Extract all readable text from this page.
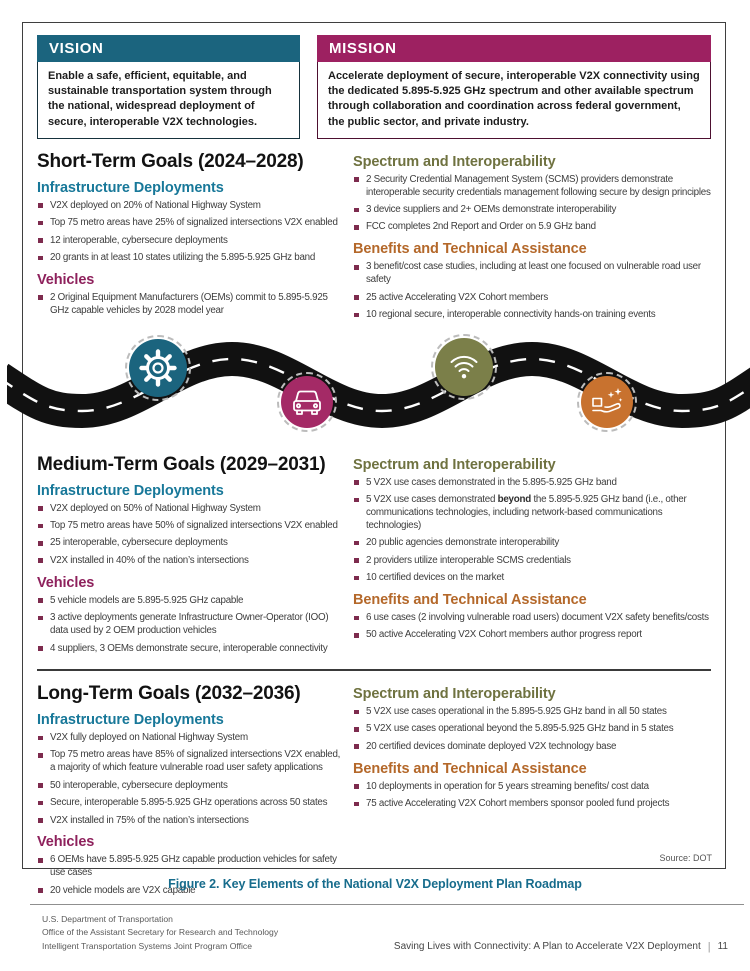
VISION
Enable a safe, efficient, equitable, and sustainable transportation system through the national, widespread deployment of secure, interoperable V2X technologies.
MISSION
Accelerate deployment of secure, interoperable V2X connectivity using the dedicated 5.895-5.925 GHz spectrum and other available spectrum through collaboration and coordination across federal government, the public sector, and private industry.
Short-Term Goals (2024–2028)
Infrastructure Deployments
V2X deployed on 20% of National Highway System
Top 75 metro areas have 25% of signalized intersections V2X enabled
12 interoperable, cybersecure deployments
20 grants in at least 10 states utilizing the 5.895-5.925 GHz band
Vehicles
2 Original Equipment Manufacturers (OEMs) commit to 5.895-5.925 GHz capable vehicles by 2028 model year
Spectrum and Interoperability
2 Security Credential Management System (SCMS) providers demonstrate interoperable security credentials management following secure by design principles
3 device suppliers and 2+ OEMs demonstrate interoperability
FCC completes 2nd Report and Order on 5.9 GHz band
Benefits and Technical Assistance
3 benefit/cost case studies, including at least one focused on vulnerable road user safety
25 active Accelerating V2X Cohort members
10 regional secure, interoperable connectivity hands-on training events
Medium-Term Goals (2029–2031)
Infrastructure Deployments
V2X deployed on 50% of National Highway System
Top 75 metro areas have 50% of signalized intersections V2X enabled
25 interoperable, cybersecure deployments
V2X installed in 40% of the nation’s intersections
Vehicles
5 vehicle models are 5.895-5.925 GHz capable
3 active deployments generate Infrastructure Owner-Operator (IOO) data used by 2 OEM production vehicles
4 suppliers, 3 OEMs demonstrate secure, interoperable connectivity
Spectrum and Interoperability
5 V2X use cases demonstrated in the 5.895-5.925 GHz band
5 V2X use cases demonstrated beyond the 5.895-5.925 GHz band (i.e., other communications technologies, including network-based communications technologies)
20 public agencies demonstrate interoperability
2 providers utilize interoperable SCMS credentials
10 certified devices on the market
Benefits and Technical Assistance
6 use cases (2 involving vulnerable road users) document V2X safety benefits/costs
50 active Accelerating V2X Cohort members author progress report
Long-Term Goals (2032–2036)
Infrastructure Deployments
V2X fully deployed on National Highway System
Top 75 metro areas have 85% of signalized intersections V2X enabled, a majority of which feature vulnerable road user safety applications
50 interoperable, cybersecure deployments
Secure, interoperable 5.895-5.925 GHz operations across 50 states
V2X installed in 75% of the nation’s intersections
Vehicles
6 OEMs have 5.895-5.925 GHz capable production vehicles for safety use cases
20 vehicle models are V2X capable
Spectrum and Interoperability
5 V2X use cases operational in the 5.895-5.925 GHz band in all 50 states
5 V2X use cases operational beyond the 5.895-5.925 GHz band in 5 states
20 certified devices dominate deployed V2X technology base
Benefits and Technical Assistance
10 deployments in operation for 5 years streaming benefits/ cost data
75 active Accelerating V2X Cohort members sponsor pooled fund projects
Source: DOT
Figure 2. Key Elements of the National V2X Deployment Plan Roadmap
U.S. Department of Transportation
Office of the Assistant Secretary for Research and Technology
Intelligent Transportation Systems Joint Program Office	Saving Lives with Connectivity: A Plan to Accelerate V2X Deployment | 11
